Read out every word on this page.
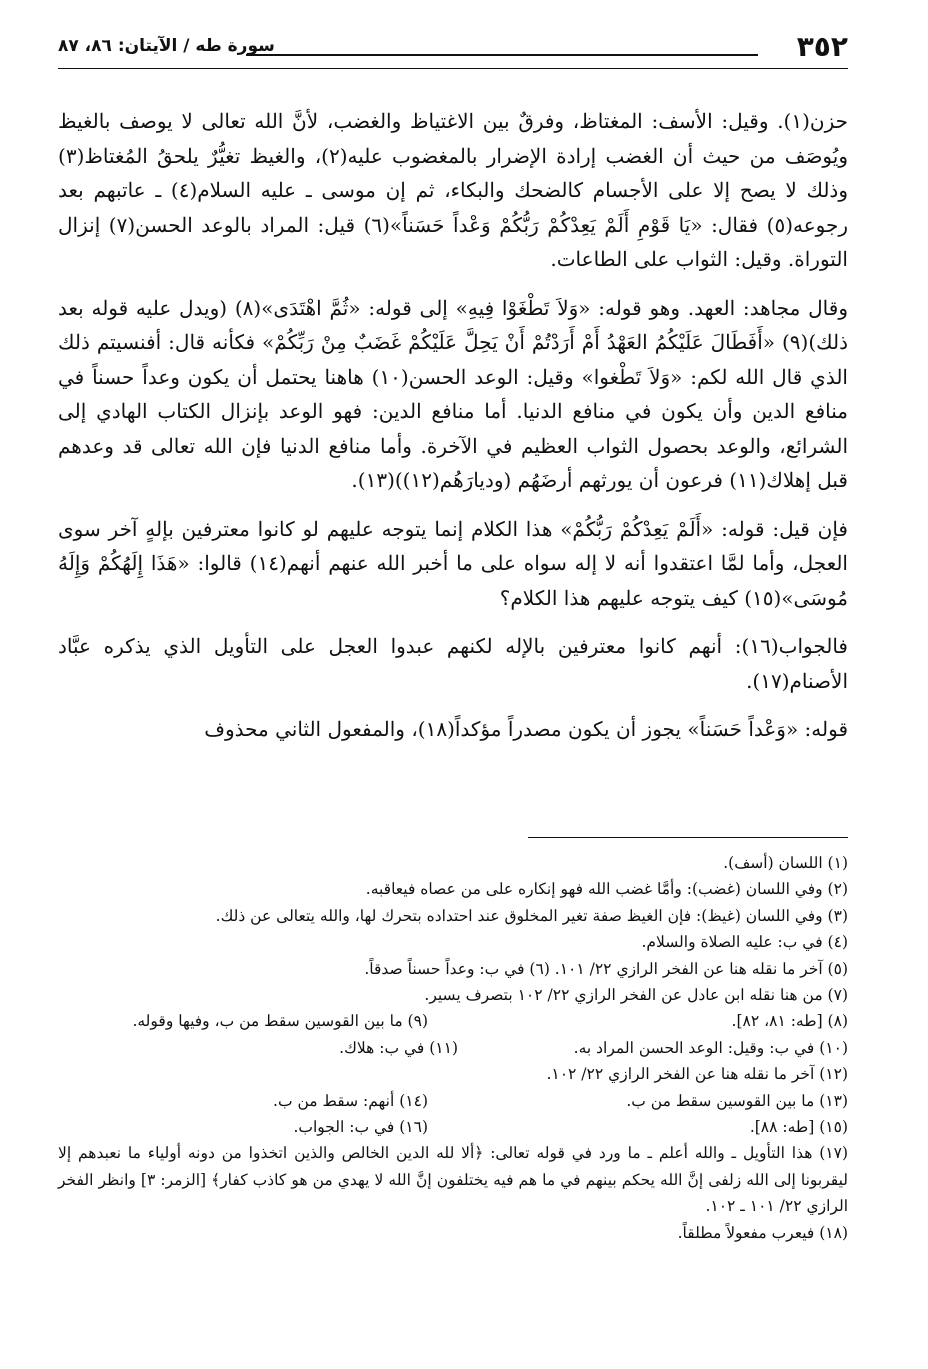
٣٥٢
سورة طه / الآيتان: ٨٦، ٨٧

حزن(١). وقيل: الأسف: المغتاظ، وفرقٌ بين الاغتياظ والغضب، لأنَّ الله تعالى لا يوصف بالغيظ ويُوصَف من حيث أن الغضب إرادة الإضرار بالمغضوب عليه(٢)، والغيظ تغيُّرٌ يلحقُ المُغتاظ(٣) وذلك لا يصح إلا على الأجسام كالضحك والبكاء، ثم إن موسى ـ عليه السلام(٤) ـ عاتبهم بعد رجوعه(٥) فقال: «يَا قَوْمِ أَلَمْ يَعِدْكُمْ رَبُّكُمْ وَعْداً حَسَناً»(٦) قيل: المراد بالوعد الحسن(٧) إنزال التوراة. وقيل: الثواب على الطاعات.

وقال مجاهد: العهد. وهو قوله: «وَلاَ تَطْغَوْا فِيهِ» إلى قوله: «ثُمَّ اهْتَدَى»(٨) (ويدل عليه قوله بعد ذلك)(٩) «أَفَطَالَ عَلَيْكُمُ العَهْدُ أَمْ أَرَدْتُمْ أَنْ يَحِلَّ عَلَيْكُمْ غَضَبٌ مِنْ رَبِّكُمْ» فكأنه قال: أفنسيتم ذلك الذي قال الله لكم: «وَلاَ تَطْغوا» وقيل: الوعد الحسن(١٠) هاهنا يحتمل أن يكون وعداً حسناً في منافع الدين وأن يكون في منافع الدنيا. أما منافع الدين: فهو الوعد بإنزال الكتاب الهادي إلى الشرائع، والوعد بحصول الثواب العظيم في الآخرة. وأما منافع الدنيا فإن الله تعالى قد وعدهم قبل إهلاك(١١) فرعون أن يورثهم أرضَهُم (وديارَهُم(١٢))(١٣).

فإن قيل: قوله: «أَلَمْ يَعِدْكُمْ رَبُّكُمْ» هذا الكلام إنما يتوجه عليهم لو كانوا معترفين بإلهٍ آخر سوى العجل، وأما لمَّا اعتقدوا أنه لا إله سواه على ما أخبر الله عنهم أنهم(١٤) قالوا: «هَذَا إِلَهُكُمْ وَإِلَهُ مُوسَى»(١٥) كيف يتوجه عليهم هذا الكلام؟

فالجواب(١٦): أنهم كانوا معترفين بالإله لكنهم عبدوا العجل على التأويل الذي يذكره عبَّاد الأصنام(١٧).

قوله: «وَعْداً حَسَناً» يجوز أن يكون مصدراً مؤكداً(١٨)، والمفعول الثاني محذوف

(١) اللسان (أسف).
(٢) وفي اللسان (غضب): وأمَّا غضب الله فهو إنكاره على من عصاه فيعاقبه.
(٣) وفي اللسان (غيظ): فإن الغيظ صفة تغير المخلوق عند احتداده بتحرك لها، والله يتعالى عن ذلك.
(٤) في ب: عليه الصلاة والسلام.
(٥) آخر ما نقله هنا عن الفخر الرازي ٢٢/ ١٠١. (٦) في ب: وعداً حسناً صدقاً.
(٧) من هنا نقله ابن عادل عن الفخر الرازي ٢٢/ ١٠٢ بتصرف يسير.
(٨) [طه: ٨١، ٨٢].
(٩) ما بين القوسين سقط من ب، وفيها وقوله.
(١٠) في ب: وقيل: الوعد الحسن المراد به.
(١١) في ب: هلاك.
(١٢) آخر ما نقله هنا عن الفخر الرازي ٢٢/ ١٠٢.
(١٣) ما بين القوسين سقط من ب.
(١٤) أنهم: سقط من ب.
(١٥) [طه: ٨٨].
(١٦) في ب: الجواب.
(١٧) هذا التأويل ـ والله أعلم ـ ما ورد في قوله تعالى: ﴿ألا لله الدين الخالص والذين اتخذوا من دونه أولياء ما نعبدهم إلا ليقربونا إلى الله زلفى إنَّ الله يحكم بينهم في ما هم فيه يختلفون إنَّ الله لا يهدي من هو كاذب كفار﴾ [الزمر: ٣] وانظر الفخر الرازي ٢٢/ ١٠١ ـ ١٠٢.
(١٨) فيعرب مفعولاً مطلقاً.
